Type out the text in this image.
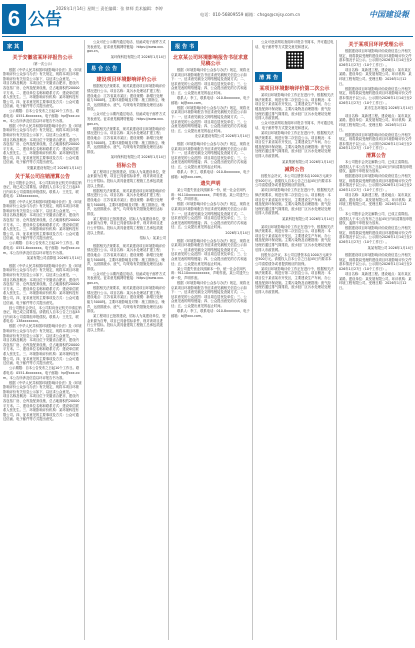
6 公告
2026年1月14日 星期三 责任编辑：张 律师 美术编辑：李婷
电话：010-56809559 邮箱：chsgs@cnjsy.com.cn	中国建设報
家 其
关于安徽省某环评报告公示
（第一次公示）

根据《中华人民共和国环境影响评价法》及《环境影响评价公众参与办法》有关规定，现将本项目环境影响评价有关信息公示如下，以征求公众意见。一、项目名称及概况：本项目位于安徽省合肥市，建设内容包括厂房、仓库及配套设施，总占地面积约20000平方米。二、建设单位名称和联系方式：建设单位联系人张先生。三、环境影响评价机构：某环境科技有限公司。四、征求意见的主要事项及方式：公众可通过信函、电子邮件等方式提出意见。

公示期限：自本公告发布之日起10个工作日。联系电话：0551-6xxxxxxx。电子邮箱：hp@xxx.com。本公告所涉及信息以环评报告书为准。

根据《中华人民共和国环境影响评价法》及《环境影响评价公众参与办法》有关规定，现将本项目环境影响评价有关信息公示如下，以征求公众意见。一、项目名称及概况：本项目位于安徽省合肥市，建设内容包括厂房、仓库及配套设施，总占地面积约20000平方米。二、建设单位名称和联系方式：建设单位联系人张先生。三、环境影响评价机构：某环境科技有限公司。四、征求意见的主要事项及方式：公众可通过信函、电子邮件等方式提出意见。

安徽某建设有限公司 2026年1月14日
关于某公司注销清算公告

经公司股东会决议，本公司拟向登记机关申请注销登记，现已成立清算组。请债权人自本公告之日起45日内向本公司清算组申报债权。联系人：王先生，联系电话：138xxxxxxxx。

根据《中华人民共和国环境影响评价法》及《环境影响评价公众参与办法》有关规定，现将本项目环境影响评价有关信息公示如下，以征求公众意见。一、项目名称及概况：本项目位于安徽省合肥市，建设内容包括厂房、仓库及配套设施，总占地面积约20000平方米。二、建设单位名称和联系方式：建设单位联系人张先生。三、环境影响评价机构：某环境科技有限公司。四、征求意见的主要事项及方式：公众可通过信函、电子邮件等方式提出意见。

公示期限：自本公告发布之日起10个工作日。联系电话：0551-6xxxxxxx。电子邮箱：hp@xxx.com。本公告所涉及信息以环评报告书为准。

某某有限公司清算组 2026年1月14日

根据《中华人民共和国环境影响评价法》及《环境影响评价公众参与办法》有关规定，现将本项目环境影响评价有关信息公示如下，以征求公众意见。一、项目名称及概况：本项目位于安徽省合肥市，建设内容包括厂房、仓库及配套设施，总占地面积约20000平方米。二、建设单位名称和联系方式：建设单位联系人张先生。三、环境影响评价机构：某环境科技有限公司。四、征求意见的主要事项及方式：公众可通过信函、电子邮件等方式提出意见。

经公司股东会决议，本公司拟向登记机关申请注销登记，现已成立清算组。请债权人自本公告之日起45日内向本公司清算组申报债权。联系人：王先生，联系电话：138xxxxxxxx。

根据《中华人民共和国环境影响评价法》及《环境影响评价公众参与办法》有关规定，现将本项目环境影响评价有关信息公示如下，以征求公众意见。一、项目名称及概况：本项目位于安徽省合肥市，建设内容包括厂房、仓库及配套设施，总占地面积约20000平方米。二、建设单位名称和联系方式：建设单位联系人张先生。三、环境影响评价机构：某环境科技有限公司。四、征求意见的主要事项及方式：公众可通过信函、电子邮件等方式提出意见。

公示期限：自本公告发布之日起10个工作日。联系电话：0551-6xxxxxxx。电子邮箱：hp@xxx.com。本公告所涉及信息以环评报告书为准。

根据《中华人民共和国环境影响评价法》及《环境影响评价公众参与办法》有关规定，现将本项目环境影响评价有关信息公示如下，以征求公众意见。一、项目名称及概况：本项目位于安徽省合肥市，建设内容包括厂房、仓库及配套设施，总占地面积约20000平方米。二、建设单位名称和联系方式：建设单位联系人张先生。三、环境影响评价机构：某环境科技有限公司。四、征求意见的主要事项及方式：公众可通过信函、电子邮件等方式提出意见。

公众可在公示期内通过电话、信函或电子邮件方式发表意见。征求意见稿网络链接：https://www.xxx.gov.cn。

某环保科技有限公司 2026年1月14日
易 合 公 告
建设项目环境影响评价公示

根据相关法规要求，现对某建设项目环境影响评价情况进行公示。项目名称：某污水处理站扩建工程；建设地点：江苏省某市某区；建设规模：新增日处理能力5000吨。主要环境影响及对策：施工期扬尘、噪声，运营期废水、废气，均采取有效措施处理后达标排放。

公众可在公示期内通过电话、信函或电子邮件方式发表意见。征求意见稿网络链接：https://www.xxx.gov.cn。

根据相关法规要求，现对某建设项目环境影响评价情况进行公示。项目名称：某污水处理站扩建工程；建设地点：江苏省某市某区；建设规模：新增日处理能力5000吨。主要环境影响及对策：施工期扬尘、噪声，运营期废水、废气，均采取有效措施处理后达标排放。

某环保科技有限公司 2026年1月14日
招标公告

某工程项目已批准建设，招标人为某建设单位，资金来源为自筹，项目已具备招标条件，现对该项目进行公开招标。投标人须具备建筑工程施工总承包贰级及以上资质。

根据相关法规要求，现对某建设项目环境影响评价情况进行公示。项目名称：某污水处理站扩建工程；建设地点：江苏省某市某区；建设规模：新增日处理能力5000吨。主要环境影响及对策：施工期扬尘、噪声，运营期废水、废气，均采取有效措施处理后达标排放。

某工程项目已批准建设，招标人为某建设单位，资金来源为自筹，项目已具备招标条件，现对该项目进行公开招标。投标人须具备建筑工程施工总承包贰级及以上资质。

招标人：某某公司

根据相关法规要求，现对某建设项目环境影响评价情况进行公示。项目名称：某污水处理站扩建工程；建设地点：江苏省某市某区；建设规模：新增日处理能力5000吨。主要环境影响及对策：施工期扬尘、噪声，运营期废水、废气，均采取有效措施处理后达标排放。

公众可在公示期内通过电话、信函或电子邮件方式发表意见。征求意见稿网络链接：https://www.xxx.gov.cn。

根据相关法规要求，现对某建设项目环境影响评价情况进行公示。项目名称：某污水处理站扩建工程；建设地点：江苏省某市某区；建设规模：新增日处理能力5000吨。主要环境影响及对策：施工期扬尘、噪声，运营期废水、废气，均采取有效措施处理后达标排放。

某工程项目已批准建设，招标人为某建设单位，资金来源为自筹，项目已具备招标条件，现对该项目进行公开招标。投标人须具备建筑工程施工总承包贰级及以上资质。

报 告 书
北京某公司环境影响报告书征求意见稿公示

根据《环境影响评价公众参与办法》规定，现将北京某项目环境影响报告书征求意见稿相关信息公示如下：一、征求意见稿全文网络链接及查阅方式；二、征求意见的公众范围：项目周边居民及单位；三、公众意见表的网络链接；四、公众提出意见的方式和途径；五、公众提出意见的起止时间。

联系人：李工，联系电话：010-8xxxxxxx，电子邮箱：bj@xxx.com。

根据《环境影响评价公众参与办法》规定，现将北京某项目环境影响报告书征求意见稿相关信息公示如下：一、征求意见稿全文网络链接及查阅方式；二、征求意见的公众范围：项目周边居民及单位；三、公众意见表的网络链接；四、公众提出意见的方式和途径；五、公众提出意见的起止时间。

北京某建设有限公司 2026年1月14日

根据《环境影响评价公众参与办法》规定，现将北京某项目环境影响报告书征求意见稿相关信息公示如下：一、征求意见稿全文网络链接及查阅方式；二、征求意见的公众范围：项目周边居民及单位；三、公众意见表的网络链接；四、公众提出意见的方式和途径；五、公众提出意见的起止时间。

联系人：李工，联系电话：010-8xxxxxxx，电子邮箱：bj@xxx.com。

遗失声明

某公司遗失营业执照副本一份，统一社会信用代码：91110xxxxxxxxxxx，声明作废。某公司遗失公章一枚，声明作废。

根据《环境影响评价公众参与办法》规定，现将北京某项目环境影响报告书征求意见稿相关信息公示如下：一、征求意见稿全文网络链接及查阅方式；二、征求意见的公众范围：项目周边居民及单位；三、公众意见表的网络链接；四、公众提出意见的方式和途径；五、公众提出意见的起止时间。

2026年1月14日

根据《环境影响评价公众参与办法》规定，现将北京某项目环境影响报告书征求意见稿相关信息公示如下：一、征求意见稿全文网络链接及查阅方式；二、征求意见的公众范围：项目周边居民及单位；三、公众意见表的网络链接；四、公众提出意见的方式和途径；五、公众提出意见的起止时间。

某公司遗失营业执照副本一份，统一社会信用代码：91110xxxxxxxxxxx，声明作废。某公司遗失公章一枚，声明作废。

根据《环境影响评价公众参与办法》规定，现将北京某项目环境影响报告书征求意见稿相关信息公示如下：一、征求意见稿全文网络链接及查阅方式；二、征求意见的公众范围：项目周边居民及单位；三、公众意见表的网络链接；四、公众提出意见的方式和途径；五、公众提出意见的起止时间。

联系人：李工，联系电话：010-8xxxxxxx，电子邮箱：bj@xxx.com。

公众可登录网站查阅环评报告书简本，并可通过电话、电子邮件等方式提交意见和建议。

清 算 告
某项目环境影响评价第二次公示

某项目环境影响评价工作正在进行中，根据相关法律法规要求，现进行第二次信息公示。项目概况：本项目位于某省某市开发区，主要建设生产车间、办公楼及配套环保设施。主要污染物及治理措施：废气经处理后通过排气筒排放，废水经厂区污水处理站处理后排入市政管网。

公众可登录网站查阅环评报告书简本，并可通过电话、电子邮件等方式提交意见和建议。

某项目环境影响评价工作正在进行中，根据相关法律法规要求，现进行第二次信息公示。项目概况：本项目位于某省某市开发区，主要建设生产车间、办公楼及配套环保设施。主要污染物及治理措施：废气经处理后通过排气筒排放，废水经厂区污水处理站处理后排入市政管网。

某某集团有限公司 2026年1月14日
减资公告

经股东会决议，本公司注册资本由1000万元减少至500万元。请债权人自本公告之日起45日内要求本公司清偿债务或者提供相应的担保。

某项目环境影响评价工作正在进行中，根据相关法律法规要求，现进行第二次信息公示。项目概况：本项目位于某省某市开发区，主要建设生产车间、办公楼及配套环保设施。主要污染物及治理措施：废气经处理后通过排气筒排放，废水经厂区污水处理站处理后排入市政管网。

某某科技有限公司 2026年1月14日

某项目环境影响评价工作正在进行中，根据相关法律法规要求，现进行第二次信息公示。项目概况：本项目位于某省某市开发区，主要建设生产车间、办公楼及配套环保设施。主要污染物及治理措施：废气经处理后通过排气筒排放，废水经厂区污水处理站处理后排入市政管网。

经股东会决议，本公司注册资本由1000万元减少至500万元。请债权人自本公告之日起45日内要求本公司清偿债务或者提供相应的担保。

某项目环境影响评价工作正在进行中，根据相关法律法规要求，现进行第二次信息公示。项目概况：本项目位于某省某市开发区，主要建设生产车间、办公楼及配套环保设施。主要污染物及治理措施：废气经处理后通过排气筒排放，废水经厂区污水处理站处理后排入市政管网。

关于某项目环评受理公示

根据建设项目环境影响评价政府信息公开相关规定，现将我局受理的建设项目环境影响评价文件基本情况予以公示。公示期为2026年1月14日至2026年1月27日（10个工作日）。

项目名称：某新建工程。建设地点：某市某区某路。建设单位：某发展有限公司。环评机构：某环境工程有限公司。受理日期：2026年1月12日。

根据建设项目环境影响评价政府信息公开相关规定，现将我局受理的建设项目环境影响评价文件基本情况予以公示。公示期为2026年1月14日至2026年1月27日（10个工作日）。

某市生态环境局 2026年1月14日

项目名称：某新建工程。建设地点：某市某区某路。建设单位：某发展有限公司。环评机构：某环境工程有限公司。受理日期：2026年1月12日。

根据建设项目环境影响评价政府信息公开相关规定，现将我局受理的建设项目环境影响评价文件基本情况予以公示。公示期为2026年1月14日至2026年1月27日（10个工作日）。

清算公告

本公司股东会决定解散公司，已成立清算组。请债权人于本公告发布之日起45日内向清算组申报债权，逾期不申报视为放弃。

根据建设项目环境影响评价政府信息公开相关规定，现将我局受理的建设项目环境影响评价文件基本情况予以公示。公示期为2026年1月14日至2026年1月27日（10个工作日）。

项目名称：某新建工程。建设地点：某市某区某路。建设单位：某发展有限公司。环评机构：某环境工程有限公司。受理日期：2026年1月12日。

本公司股东会决定解散公司，已成立清算组。请债权人于本公告发布之日起45日内向清算组申报债权，逾期不申报视为放弃。

根据建设项目环境影响评价政府信息公开相关规定，现将我局受理的建设项目环境影响评价文件基本情况予以公示。公示期为2026年1月14日至2026年1月27日（10个工作日）。

某某有限公司 2026年1月14日

根据建设项目环境影响评价政府信息公开相关规定，现将我局受理的建设项目环境影响评价文件基本情况予以公示。公示期为2026年1月14日至2026年1月27日（10个工作日）。

项目名称：某新建工程。建设地点：某市某区某路。建设单位：某发展有限公司。环评机构：某环境工程有限公司。受理日期：2026年1月12日。
